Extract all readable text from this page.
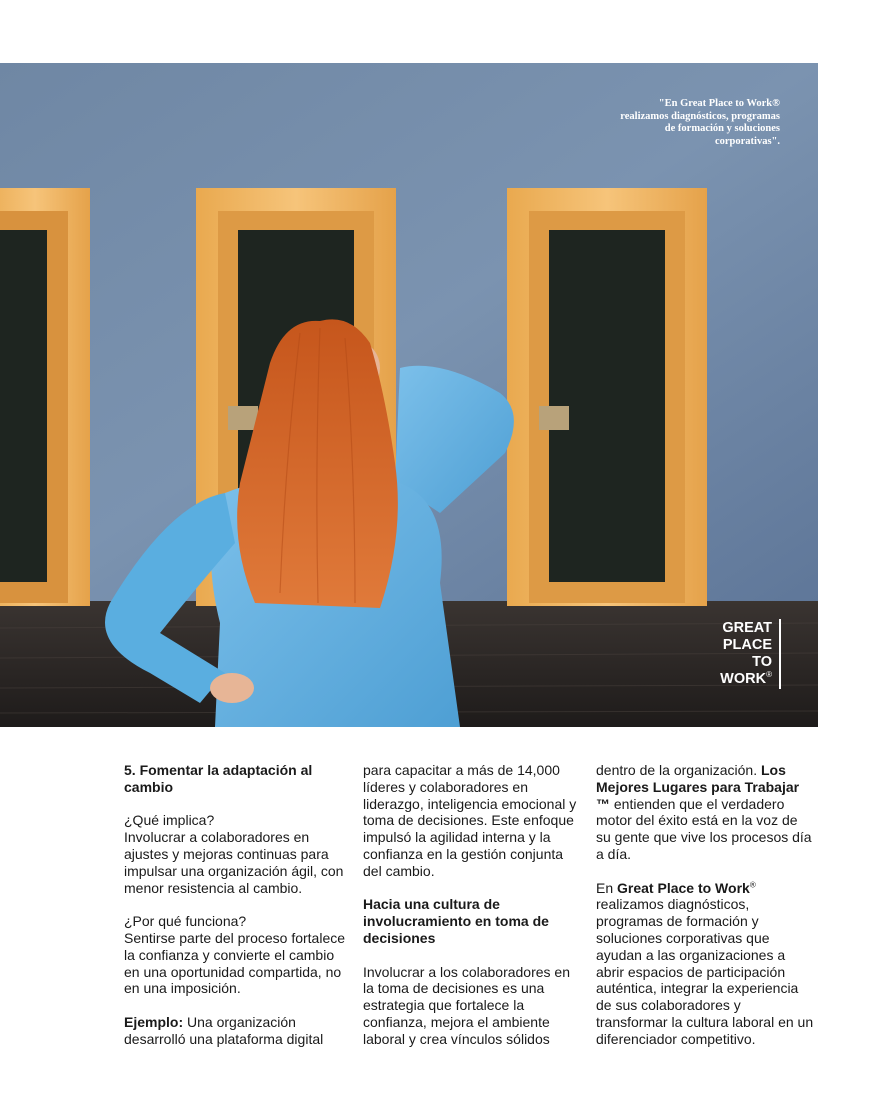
"En Great Place to Work® realizamos diagnósticos, programas de formación y soluciones corporativas".
GREAT
PLACE
TO
WORK®

5. Fomentar la adaptación al cambio

¿Qué implica?
Involucrar a colaboradores en ajustes y mejoras continuas para impulsar una organización ágil, con menor resistencia al cambio.

¿Por qué funciona?
Sentirse parte del proceso fortalece la confianza y convierte el cambio en una oportunidad compartida, no en una imposición.

Ejemplo: Una organización desarrolló una plataforma digital

para capacitar a más de 14,000 líderes y colaboradores en liderazgo, inteligencia emocional y toma de decisiones. Este enfoque impulsó la agilidad interna y la confianza en la gestión conjunta del cambio.

Hacia una cultura de involucramiento en toma de decisiones

Involucrar a los colaboradores en la toma de decisiones es una estrategia que fortalece la confianza, mejora el ambiente laboral y crea vínculos sólidos

dentro de la organización. Los Mejores Lugares para Trabajar ™ entienden que el verdadero motor del éxito está en la voz de su gente que vive los procesos día a día.

En Great Place to Work® realizamos diagnósticos, programas de formación y soluciones corporativas que ayudan a las organizaciones a abrir espacios de participación auténtica, integrar la experiencia de sus colaboradores y transformar la cultura laboral en un diferenciador competitivo.
